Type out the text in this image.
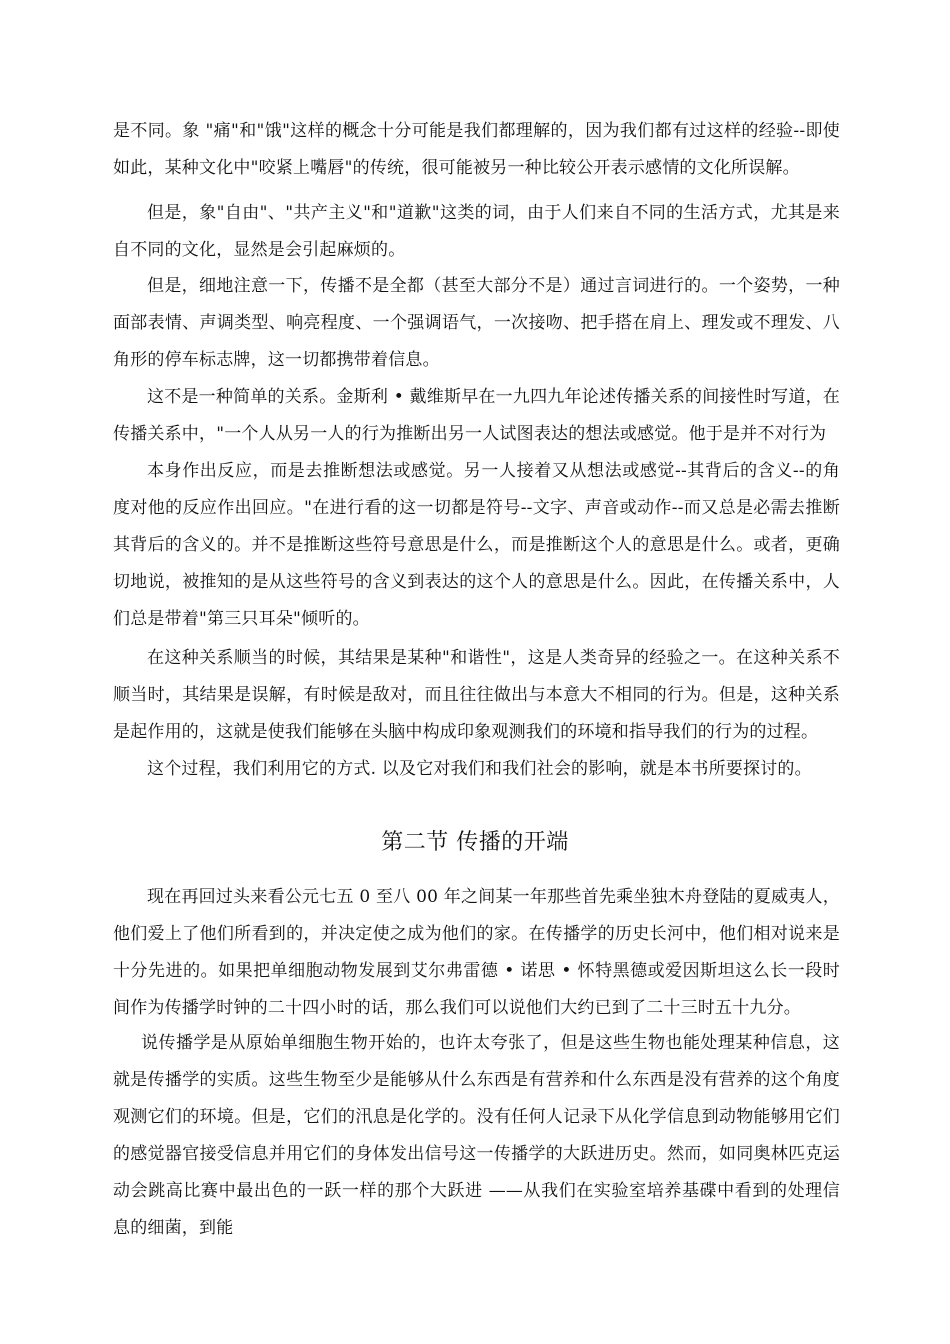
是不同。象 "痛"和"饿"这样的概念十分可能是我们都理解的，因为我们都有过这样的经验--即使如此，某种文化中"咬紧上嘴唇"的传统，很可能被另一种比较公开表示感情的文化所误解。

但是，象"自由"、"共产主义"和"道歉"这类的词，由于人们来自不同的生活方式，尤其是来自不同的文化，显然是会引起麻烦的。

但是，细地注意一下，传播不是全都（甚至大部分不是）通过言词进行的。一个姿势，一种面部表情、声调类型、响亮程度、一个强调语气，一次接吻、把手搭在肩上、理发或不理发、八角形的停车标志牌，这一切都携带着信息。

这不是一种简单的关系。金斯利 • 戴维斯早在一九四九年论述传播关系的间接性时写道，在传播关系中，"一个人从另一人的行为推断出另一人试图表达的想法或感觉。他于是并不对行为

本身作出反应，而是去推断想法或感觉。另一人接着又从想法或感觉--其背后的含义--的角度对他的反应作出回应。"在进行看的这一切都是符号--文字、声音或动作--而又总是必需去推断其背后的含义的。并不是推断这些符号意思是什么，而是推断这个人的意思是什么。或者，更确切地说，被推知的是从这些符号的含义到表达的这个人的意思是什么。因此，在传播关系中，人们总是带着"第三只耳朵"倾听的。

在这种关系顺当的时候，其结果是某种"和谐性"，这是人类奇异的经验之一。在这种关系不顺当时，其结果是误解，有时候是敌对，而且往往做出与本意大不相同的行为。但是，这种关系是起作用的，这就是使我们能够在头脑中构成印象观测我们的环境和指导我们的行为的过程。

这个过程，我们利用它的方式. 以及它对我们和我们社会的影响，就是本书所要探讨的。

第二节 传播的开端

现在再回过头来看公元七五 0 至八 00 年之间某一年那些首先乘坐独木舟登陆的夏威夷人，他们爱上了他们所看到的，并决定使之成为他们的家。在传播学的历史长河中，他们相对说来是十分先进的。如果把单细胞动物发展到艾尔弗雷德 • 诺思 • 怀特黑德或爱因斯坦这么长一段时间作为传播学时钟的二十四小时的话，那么我们可以说他们大约已到了二十三时五十九分。

说传播学是从原始单细胞生物开始的，也许太夸张了，但是这些生物也能处理某种信息，这就是传播学的实质。这些生物至少是能够从什么东西是有营养和什么东西是没有营养的这个角度观测它们的环境。但是，它们的汛息是化学的。没有任何人记录下从化学信息到动物能够用它们的感觉器官接受信息并用它们的身体发出信号这一传播学的大跃进历史。然而，如同奥林匹克运动会跳高比赛中最出色的一跃一样的那个大跃进 ——从我们在实验室培养基碟中看到的处理信息的细菌，到能
